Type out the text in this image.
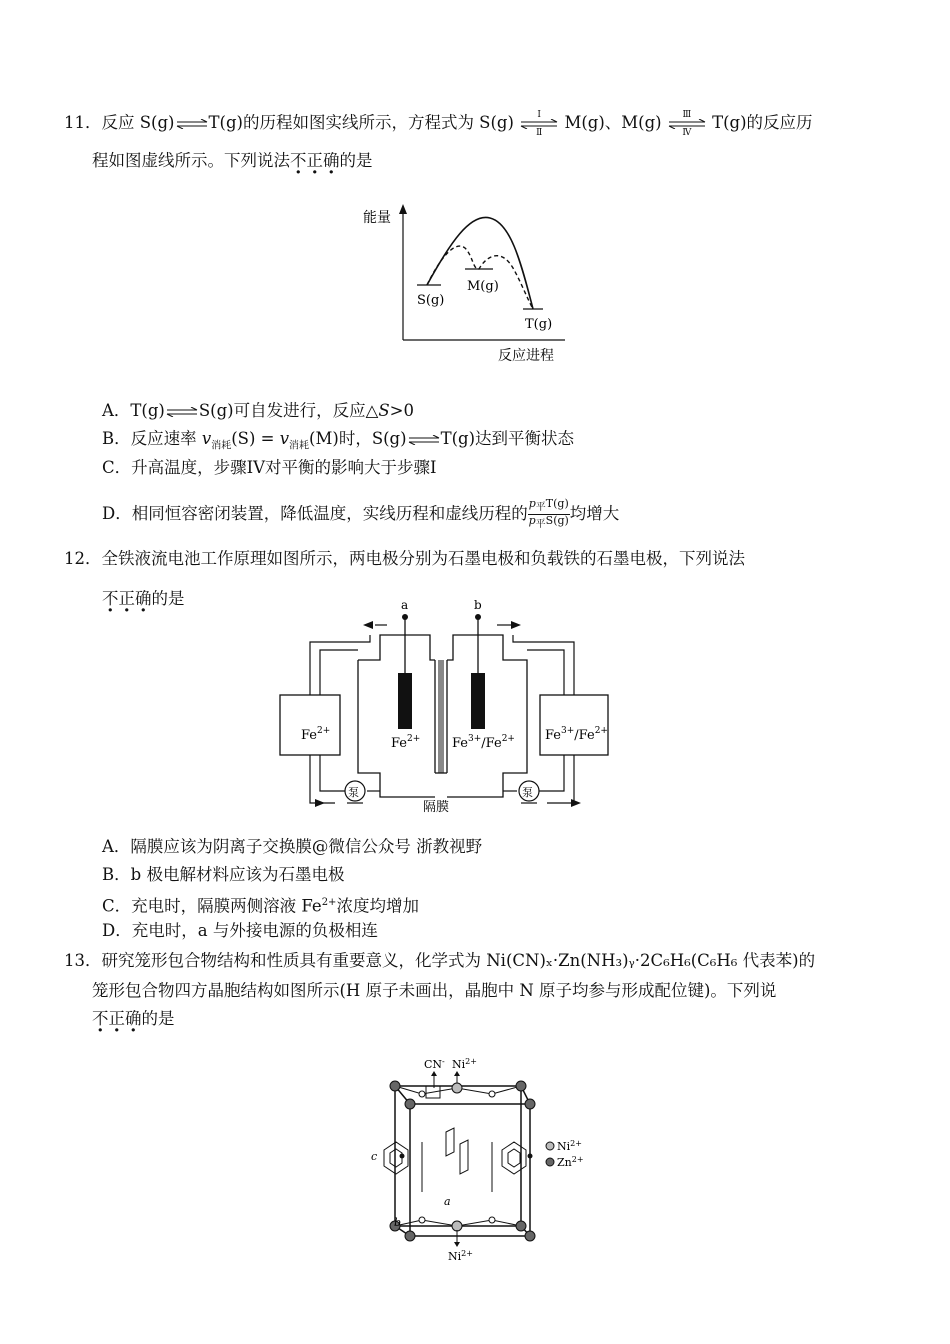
11．反应 S(g)⇌T(g)的历程如图实线所示，方程式为 S(g)	Ⅰ
Ⅱ
M(g)、M(g)	Ⅲ
Ⅳ
T(g)的反应历
程如图虚线所示。下列说法不正确的是
能量
反应进程
S(g)
M(g)
T(g)
A．T(g)⇌S(g)可自发进行，反应△S>0
B．反应速率 $v_{消耗}(S) = v_{消耗}(M)$时，S(g)⇌T(g)达到平衡状态
C．升高温度，步骤IV对平衡的影响大于步骤I
D．相同恒容密闭装置，降低温度，实线历程和虚线历程的 $\frac{p_平T(g)}{p_平S(g)}$ 均增大
12．全铁液流电池工作原理如图所示，两电极分别为石墨电极和负载铁的石墨电极，下列说法
不正确的是	a	b
$Fe^{2+}$	$Fe^{3+}/Fe^{2+}$
$Fe^{2+}$ $Fe^{3+}/Fe^{2+}$
泵	泵
隔膜
A．隔膜应该为阴离子交换膜@微信公众号 浙教视野
B．b 极电解材料应该为石墨电极
C．充电时，隔膜两侧溶液 $Fe^{2+}$浓度均增加
D．充电时，a 与外接电源的负极相连
13．研究笼形包合物结构和性质具有重要意义，化学式为 Ni(CN)ₓ·Zn(NH₃)ᵧ·2C₆H₆(C₆H₆ 代表苯)的
笼形包合物四方晶胞结构如图所示(H 原子未画出，晶胞中 N 原子均参与形成配位键)。下列说
不正确的是
CN- $Ni^{2+}$
a
b
c
$Ni^{2+}$
$Ni^{2+}$
$Zn^{2+}$
